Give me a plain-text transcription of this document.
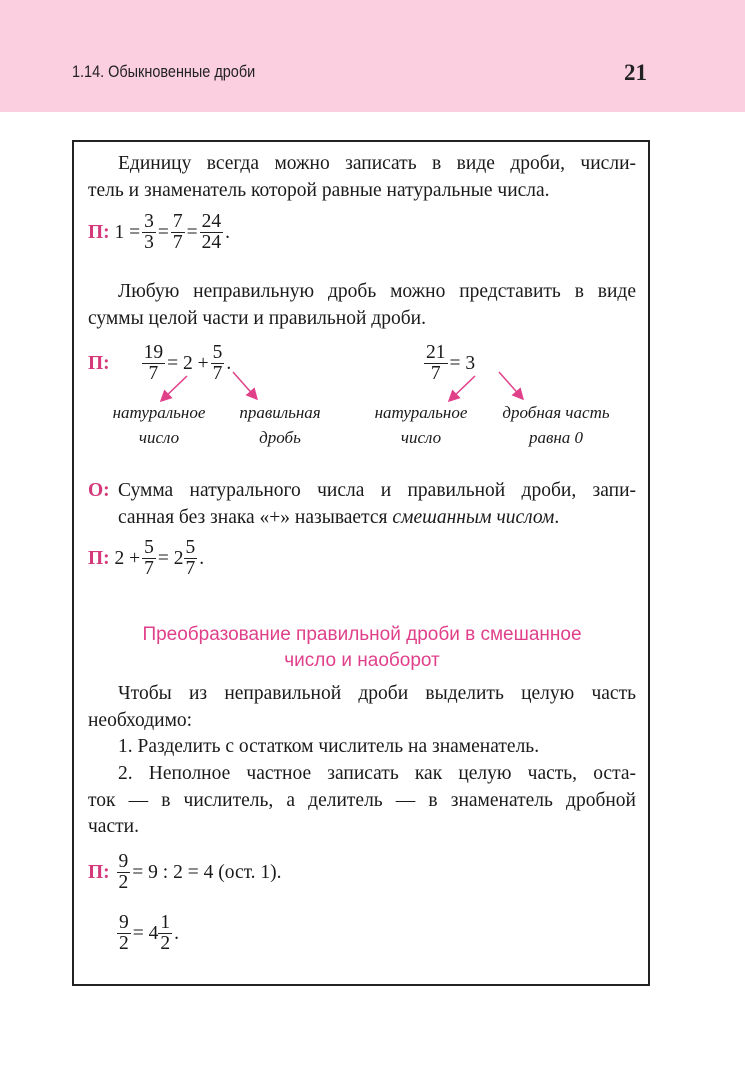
1.14. Обыкновенные дроби	21
Единицу всегда можно записать в виде дроби, числи-
тель и знаменатель которой равные натуральные числа.
П:
$1 = \frac{3}{3} = \frac{7}{7} = \frac{24}{24}$ .
Любую неправильную дробь можно представить в виде
суммы целой части и правильной дроби.
П: $\frac{19}{7} = 2 + \frac{5}{7}$ .	$\frac{21}{7} = 3$
натуральное
число
правильная
дробь
натуральное
число
дробная часть
равна 0
О: Сумма натурального числа и правильной дроби, запи-
санная без знака «+» называется смешанным числом.
П:
$2 + \frac{5}{7} = 2 \frac{5}{7}$ .
Преобразование правильной дроби в смешанное
число и наоборот
Чтобы из неправильной дроби выделить целую часть
необходимо:
1. Разделить с остатком числитель на знаменатель.
2. Неполное частное записать как целую часть, оста-
ток — в числитель, а делитель — в знаменатель дробной
части.
П:
$\frac{9}{2} = 9$ : 2 = 4 (ост. 1).
$\frac{9}{2} = 4 \frac{1}{2}$ .
